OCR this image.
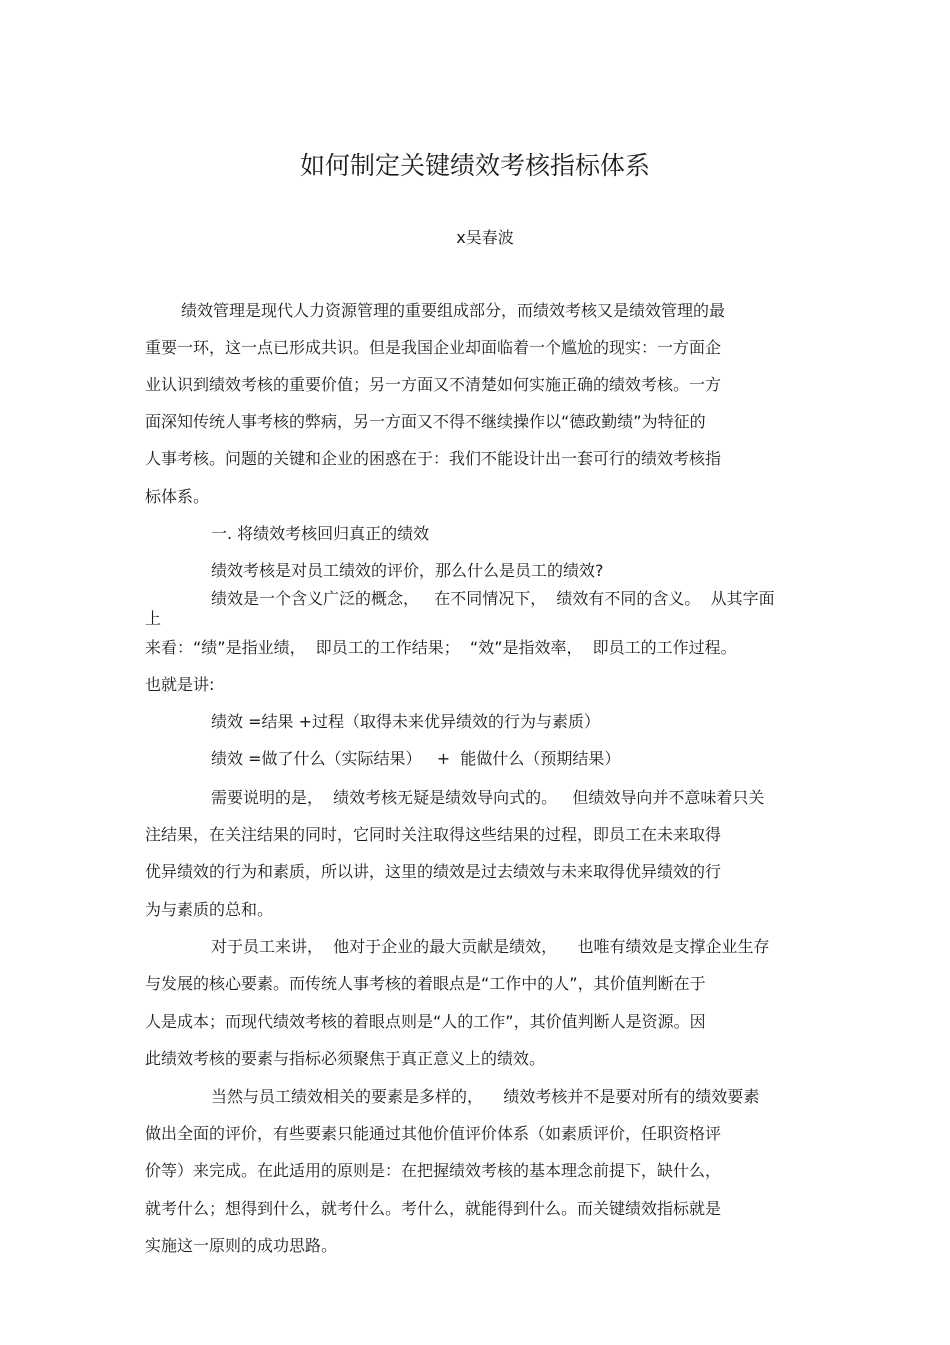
如何制定关键绩效考核指标体系
x吴春波
绩效管理是现代人力资源管理的重要组成部分，而绩效考核又是绩效管理的最
重要一环，这一点已形成共识。但是我国企业却面临着一个尴尬的现实：一方面企
业认识到绩效考核的重要价值；另一方面又不清楚如何实施正确的绩效考核。一方
面深知传统人事考核的弊病，另一方面又不得不继续操作以“德政勤绩”为特征的
人事考核。问题的关键和企业的困惑在于：我们不能设计出一套可行的绩效考核指
标体系。
一. 将绩效考核回归真正的绩效
绩效考核是对员工绩效的评价，那么什么是员工的绩效?
绩效是一个含义广泛的概念，   在不同情况下，  绩效有不同的含义。  从其字面
上
来看：“绩”是指业绩，  即员工的工作结果；  “效”是指效率，  即员工的工作过程。
也就是讲:
绩效 =结果 +过程（取得未来优异绩效的行为与素质）
绩效 =做了什么（实际结果）   +  能做什么（预期结果）
需要说明的是，  绩效考核无疑是绩效导向式的。   但绩效导向并不意味着只关
注结果，在关注结果的同时，它同时关注取得这些结果的过程，即员工在未来取得
优异绩效的行为和素质，所以讲，这里的绩效是过去绩效与未来取得优异绩效的行
为与素质的总和。
对于员工来讲，  他对于企业的最大贡献是绩效，    也唯有绩效是支撑企业生存
与发展的核心要素。而传统人事考核的着眼点是“工作中的人”，其价值判断在于
人是成本；而现代绩效考核的着眼点则是“人的工作”，其价值判断人是资源。因
此绩效考核的要素与指标必须聚焦于真正意义上的绩效。
当然与员工绩效相关的要素是多样的，    绩效考核并不是要对所有的绩效要素
做出全面的评价，有些要素只能通过其他价值评价体系（如素质评价，任职资格评
价等）来完成。在此适用的原则是：在把握绩效考核的基本理念前提下，缺什么，
就考什么；想得到什么，就考什么。考什么，就能得到什么。而关键绩效指标就是
实施这一原则的成功思路。
